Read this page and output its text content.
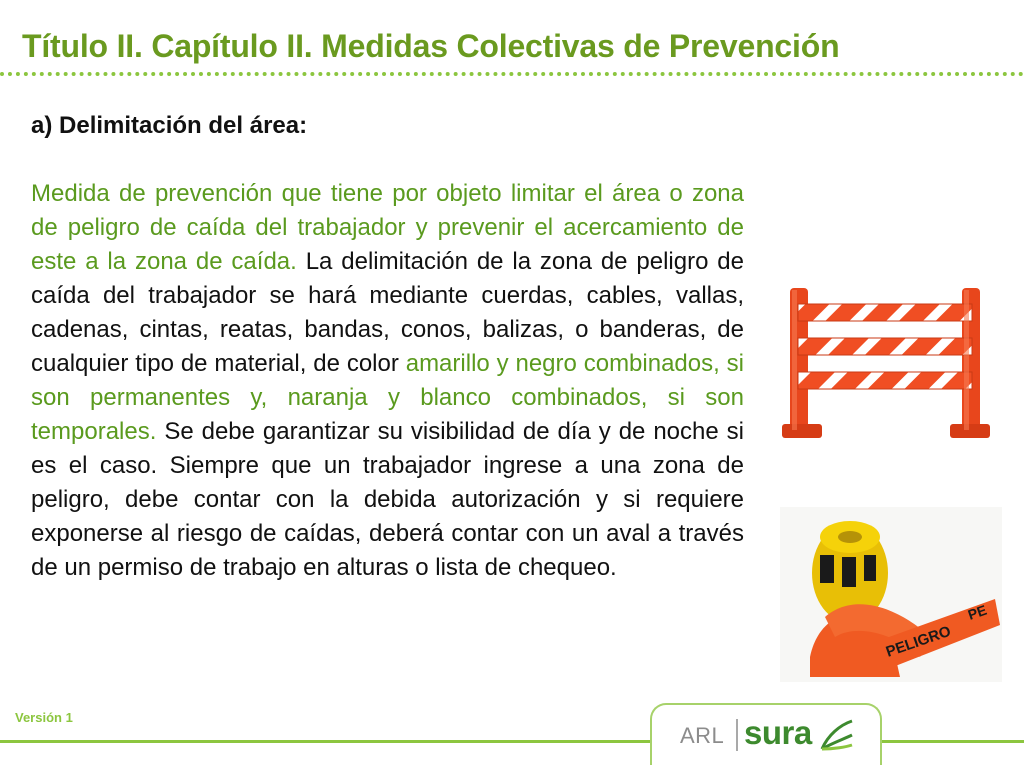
Título II. Capítulo II. Medidas Colectivas de Prevención
a) Delimitación del área:

Medida de prevención que tiene por objeto limitar el área o zona de peligro de caída del trabajador y prevenir el acercamiento de este a la zona de caída. La delimitación de la zona de peligro de caída del trabajador se hará mediante cuerdas, cables, vallas, cadenas, cintas, reatas, bandas, conos, balizas, o banderas, de cualquier tipo de material, de color amarillo y negro combinados, si son permanentes y, naranja y blanco combinados, si son temporales. Se debe garantizar su visibilidad de día y de noche si es el caso. Siempre que un trabajador ingrese a una zona de peligro, debe contar con la debida autorización y si requiere exponerse al riesgo de caídas, deberá contar con un aval a través de un permiso de trabajo en alturas o lista de chequeo.

PELIGRO
PE
Versión 1
ARL sura
